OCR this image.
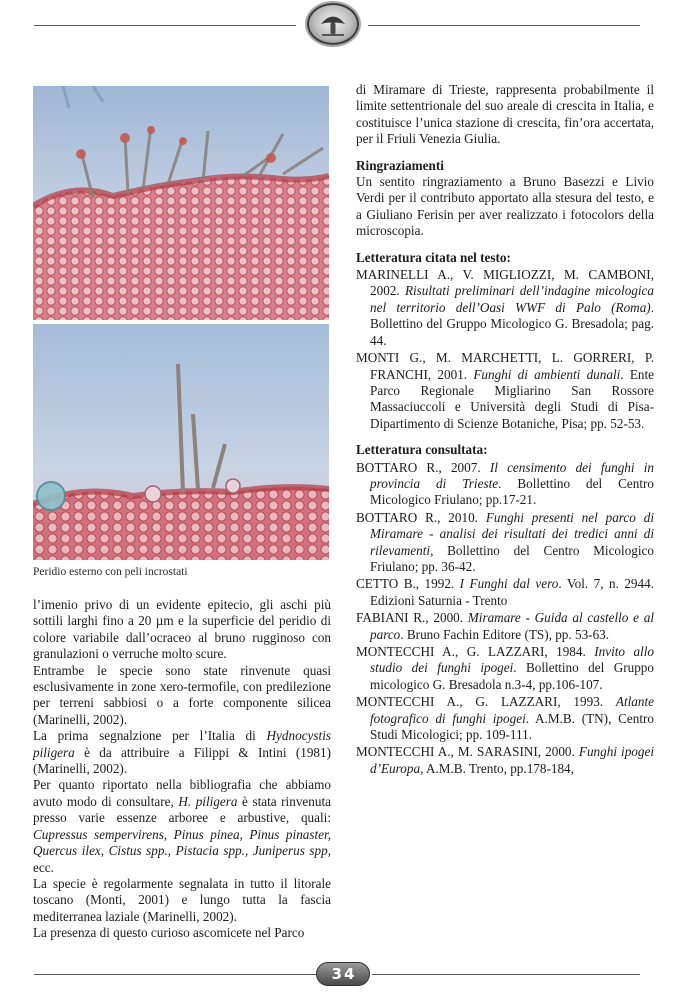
Peridio esterno con peli incrostati

l’imenio privo di un evidente epitecio, gli aschi più sottili larghi fino a 20 µm e la superficie del peridio di colore variabile dall’ocraceo al bruno rugginoso con granulazioni o verruche molto scure.

Entrambe le specie sono state rinvenute quasi esclusivamente in zone xero-termofile, con predilezione per terreni sabbiosi o a forte componente silicea (Marinelli, 2002).

La prima segnalzione per l’Italia di Hydnocystis piligera è da attribuire a Filippi & Intini (1981) (Marinelli, 2002).

Per quanto riportato nella bibliografia che abbiamo avuto modo di consultare, H. piligera è stata rinvenuta presso varie essenze arboree e arbustive, quali: Cupressus sempervirens, Pinus pinea, Pinus pinaster, Quercus ilex, Cistus spp., Pistacia spp., Juniperus spp, ecc.

La specie è regolarmente segnalata in tutto il litorale toscano (Monti, 2001) e lungo tutta la fascia mediterranea laziale (Marinelli, 2002).

La presenza di questo curioso ascomicete nel Parco

di Miramare di Trieste, rappresenta probabilmente il limite settentrionale del suo areale di crescita in Italia, e costituisce l’unica stazione di crescita, fin’ora accertata, per il Friuli Venezia Giulia.

Ringraziamenti

Un sentito ringraziamento a Bruno Basezzi e Livio Verdi per il contributo apportato alla stesura del testo, e a Giuliano Ferisin per aver realizzato i fotocolors della microscopia.

Letteratura citata nel testo:

MARINELLI A., V. MIGLIOZZI, M. CAMBONI, 2002. Risultati preliminari dell’indagine micologica nel territorio dell’Oasi WWF di Palo (Roma). Bollettino del Gruppo Micologico G. Bresadola; pag. 44.

MONTI G., M. MARCHETTI, L. GORRERI, P. FRANCHI, 2001. Funghi di ambienti dunali. Ente Parco Regionale Migliarino San Rossore Massaciuccoli e Università degli Studi di Pisa-Dipartimento di Scienze Botaniche, Pisa; pp. 52-53.

Letteratura consultata:

BOTTARO R., 2007. Il censimento dei funghi in provincia di Trieste. Bollettino del Centro Micologico Friulano; pp.17-21.

BOTTARO R., 2010. Funghi presenti nel parco di Miramare - analisi dei risultati dei tredici anni di rilevamenti, Bollettino del Centro Micologico Friulano; pp. 36-42.

CETTO B., 1992. I Funghi dal vero. Vol. 7, n. 2944. Edizioni Saturnia - Trento

FABIANI R., 2000. Miramare - Guida al castello e al parco. Bruno Fachin Editore (TS), pp. 53-63.

MONTECCHI A., G. LAZZARI, 1984. Invito allo studio dei funghi ipogei. Bollettino del Gruppo micologico G. Bresadola n.3-4, pp.106-107.

MONTECCHI A., G. LAZZARI, 1993. Atlante fotografico di funghi ipogei. A.M.B. (TN), Centro Studi Micologici; pp. 109-111.

MONTECCHI A., M. SARASINI, 2000. Funghi ipogei d’Europa, A.M.B. Trento, pp.178-184,

34
